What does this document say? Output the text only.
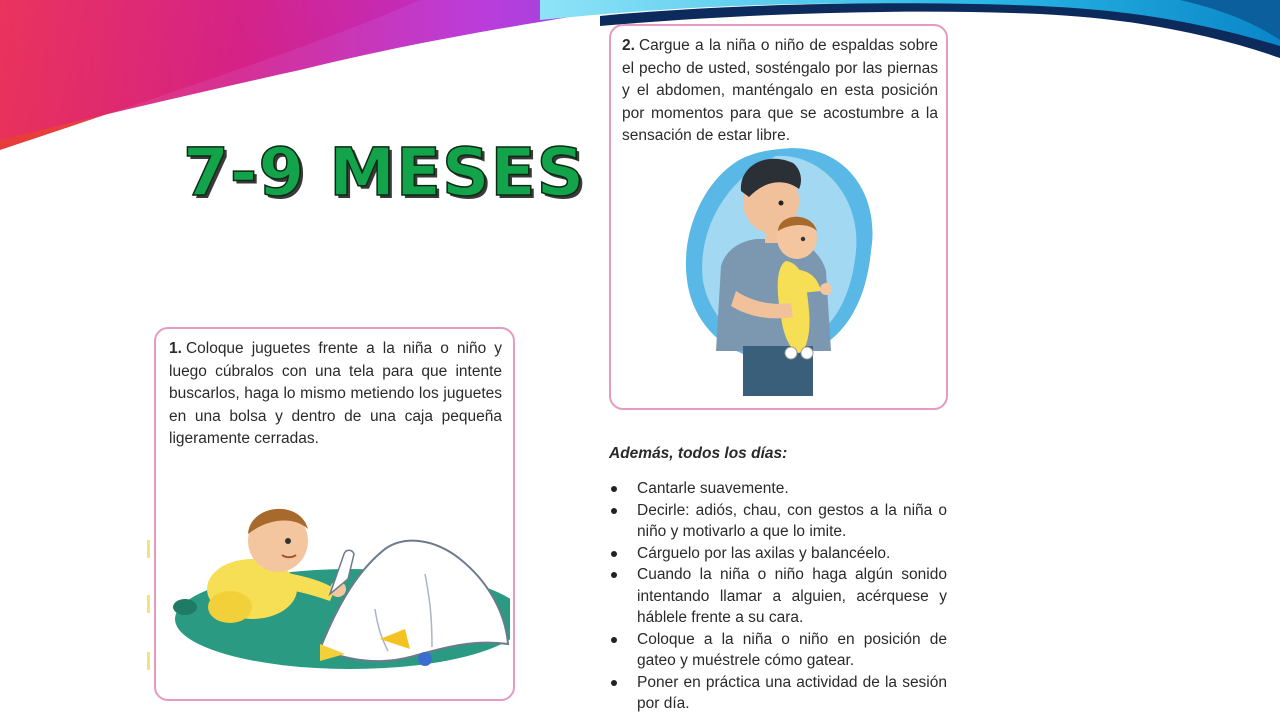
7-9 MESES
1. Coloque juguetes frente a la niña o niño y luego cúbralos con una tela para que intente buscarlos, haga lo mismo metiendo los juguetes en una bolsa y dentro de una caja pequeña ligeramente cerradas.
2. Cargue a la niña o niño de espaldas sobre el pecho de usted, sosténgalo por las piernas y el abdomen, manténgalo en esta posición por momentos para que se acostumbre a la sensación de estar libre.
Además, todos los días:
Cantarle suavemente.
Decirle: adiós, chau, con gestos a la niña o niño y motivarlo a que lo imite.
Cárguelo por las axilas y balancéelo.
Cuando la niña o niño haga algún sonido intentando llamar a alguien, acérquese y háblele frente a su cara.
Coloque a la niña o niño en posición de gateo y muéstrele cómo gatear.
Poner en práctica una actividad de la sesión por día.
